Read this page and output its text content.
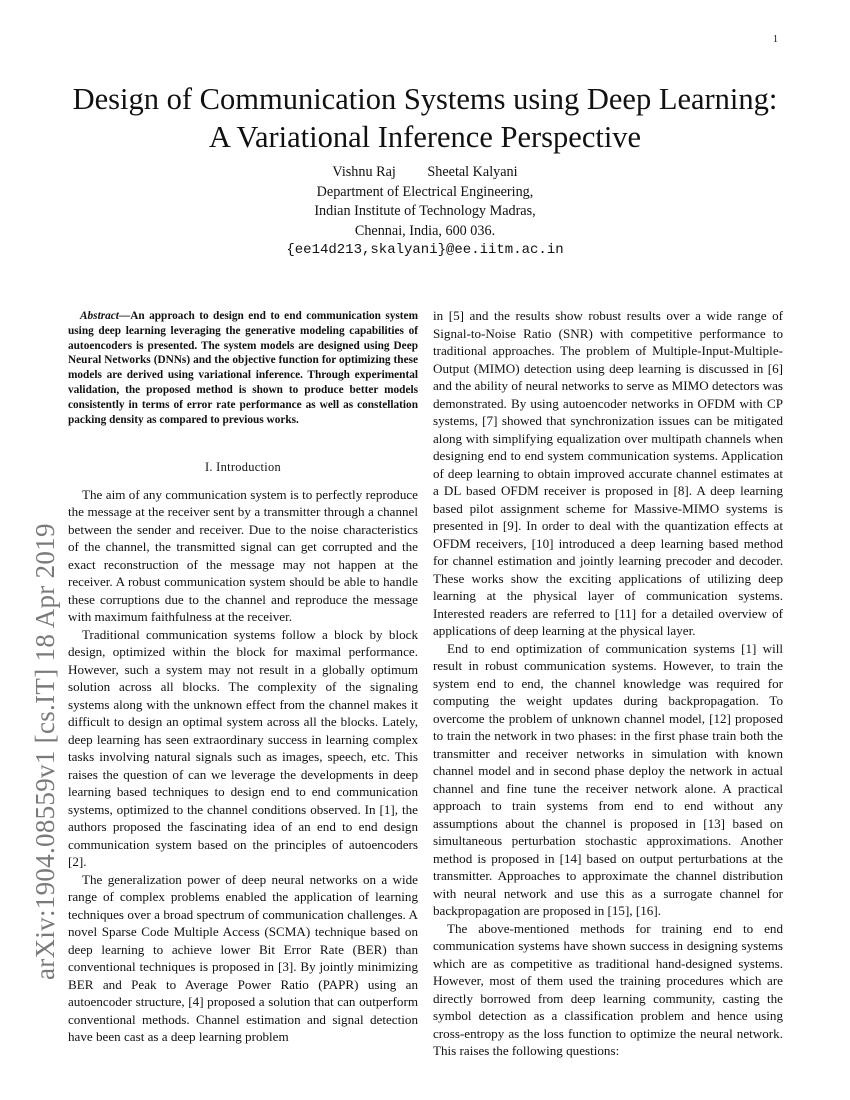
1
arXiv:1904.08559v1 [cs.IT] 18 Apr 2019
Design of Communication Systems using Deep Learning: A Variational Inference Perspective
Vishnu Raj Sheetal Kalyani
Department of Electrical Engineering,
Indian Institute of Technology Madras,
Chennai, India, 600 036.
{ee14d213,skalyani}@ee.iitm.ac.in

Abstract—An approach to design end to end communication system using deep learning leveraging the generative modeling capabilities of autoencoders is presented. The system models are designed using Deep Neural Networks (DNNs) and the objective function for optimizing these models are derived using variational inference. Through experimental validation, the proposed method is shown to produce better models consistently in terms of error rate performance as well as constellation packing density as compared to previous works.

I. Introduction

The aim of any communication system is to perfectly reproduce the message at the receiver sent by a transmitter through a channel between the sender and receiver. Due to the noise characteristics of the channel, the transmitted signal can get corrupted and the exact reconstruction of the message may not happen at the receiver. A robust communication system should be able to handle these corruptions due to the channel and reproduce the message with maximum faithfulness at the receiver.

Traditional communication systems follow a block by block design, optimized within the block for maximal performance. However, such a system may not result in a globally optimum solution across all blocks. The complexity of the signaling systems along with the unknown effect from the channel makes it difficult to design an optimal system across all the blocks. Lately, deep learning has seen extraordinary success in learning complex tasks involving natural signals such as images, speech, etc. This raises the question of can we leverage the developments in deep learning based techniques to design end to end communication systems, optimized to the channel conditions observed. In [1], the authors proposed the fascinating idea of an end to end design communication system based on the principles of autoencoders [2].

The generalization power of deep neural networks on a wide range of complex problems enabled the application of learning techniques over a broad spectrum of communication challenges. A novel Sparse Code Multiple Access (SCMA) technique based on deep learning to achieve lower Bit Error Rate (BER) than conventional techniques is proposed in [3]. By jointly minimizing BER and Peak to Average Power Ratio (PAPR) using an autoencoder structure, [4] proposed a solution that can outperform conventional methods. Channel estimation and signal detection have been cast as a deep learning problem

in [5] and the results show robust results over a wide range of Signal-to-Noise Ratio (SNR) with competitive performance to traditional approaches. The problem of Multiple-Input-Multiple-Output (MIMO) detection using deep learning is discussed in [6] and the ability of neural networks to serve as MIMO detectors was demonstrated. By using autoencoder networks in OFDM with CP systems, [7] showed that synchronization issues can be mitigated along with simplifying equalization over multipath channels when designing end to end system communication systems. Application of deep learning to obtain improved accurate channel estimates at a DL based OFDM receiver is proposed in [8]. A deep learning based pilot assignment scheme for Massive-MIMO systems is presented in [9]. In order to deal with the quantization effects at OFDM receivers, [10] introduced a deep learning based method for channel estimation and jointly learning precoder and decoder. These works show the exciting applications of utilizing deep learning at the physical layer of communication systems. Interested readers are referred to [11] for a detailed overview of applications of deep learning at the physical layer.

End to end optimization of communication systems [1] will result in robust communication systems. However, to train the system end to end, the channel knowledge was required for computing the weight updates during backpropagation. To overcome the problem of unknown channel model, [12] proposed to train the network in two phases: in the first phase train both the transmitter and receiver networks in simulation with known channel model and in second phase deploy the network in actual channel and fine tune the receiver network alone. A practical approach to train systems from end to end without any assumptions about the channel is proposed in [13] based on simultaneous perturbation stochastic approximations. Another method is proposed in [14] based on output perturbations at the transmitter. Approaches to approximate the channel distribution with neural network and use this as a surrogate channel for backpropagation are proposed in [15], [16].

The above-mentioned methods for training end to end communication systems have shown success in designing systems which are as competitive as traditional hand-designed systems. However, most of them used the training procedures which are directly borrowed from deep learning community, casting the symbol detection as a classification problem and hence using cross-entropy as the loss function to optimize the neural network. This raises the following questions:
